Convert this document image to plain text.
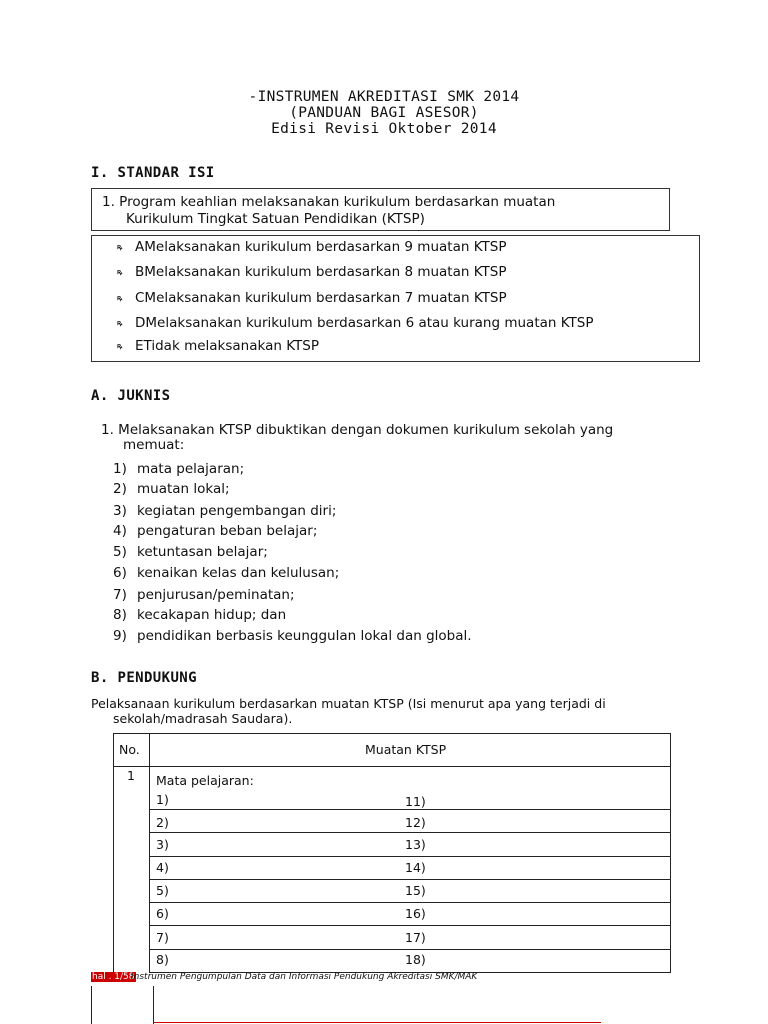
-INSTRUMEN AKREDITASI SMK 2014
(PANDUAN BAGI ASESOR)
Edisi Revisi Oktober 2014
I. STANDAR ISI
1. Program keahlian melaksanakan kurikulum berdasarkan muatan
Kurikulum Tingkat Satuan Pendidikan (KTSP)
ꝶ AMelaksanakan kurikulum berdasarkan 9 muatan KTSP
ꝶ BMelaksanakan kurikulum berdasarkan 8 muatan KTSP
ꝶ CMelaksanakan kurikulum berdasarkan 7 muatan KTSP
ꝶ DMelaksanakan kurikulum berdasarkan 6 atau kurang muatan KTSP
ꝶ ETidak melaksanakan KTSP
A. JUKNIS
1. Melaksanakan KTSP dibuktikan dengan dokumen kurikulum sekolah yang
memuat:
1) mata pelajaran;
2) muatan lokal;
3) kegiatan pengembangan diri;
4) pengaturan beban belajar;
5) ketuntasan belajar;
6) kenaikan kelas dan kelulusan;
7) penjurusan/peminatan;
8) kecakapan hidup; dan
9) pendidikan berbasis keunggulan lokal dan global.
B. PENDUKUNG
Pelaksanaan kurikulum berdasarkan muatan KTSP (Isi menurut apa yang terjadi di
sekolah/madrasah Saudara).
No.	Muatan KTSP
1 Mata pelajaran:
1)	11)
2)	12)
3)	13)
4)	14)
5)	15)
6)	16)
7)	17)
8)	18)
hal . 1/58
Instrumen Pengumpulan Data dan Informasi Pendukung Akreditasi SMK/MAK
